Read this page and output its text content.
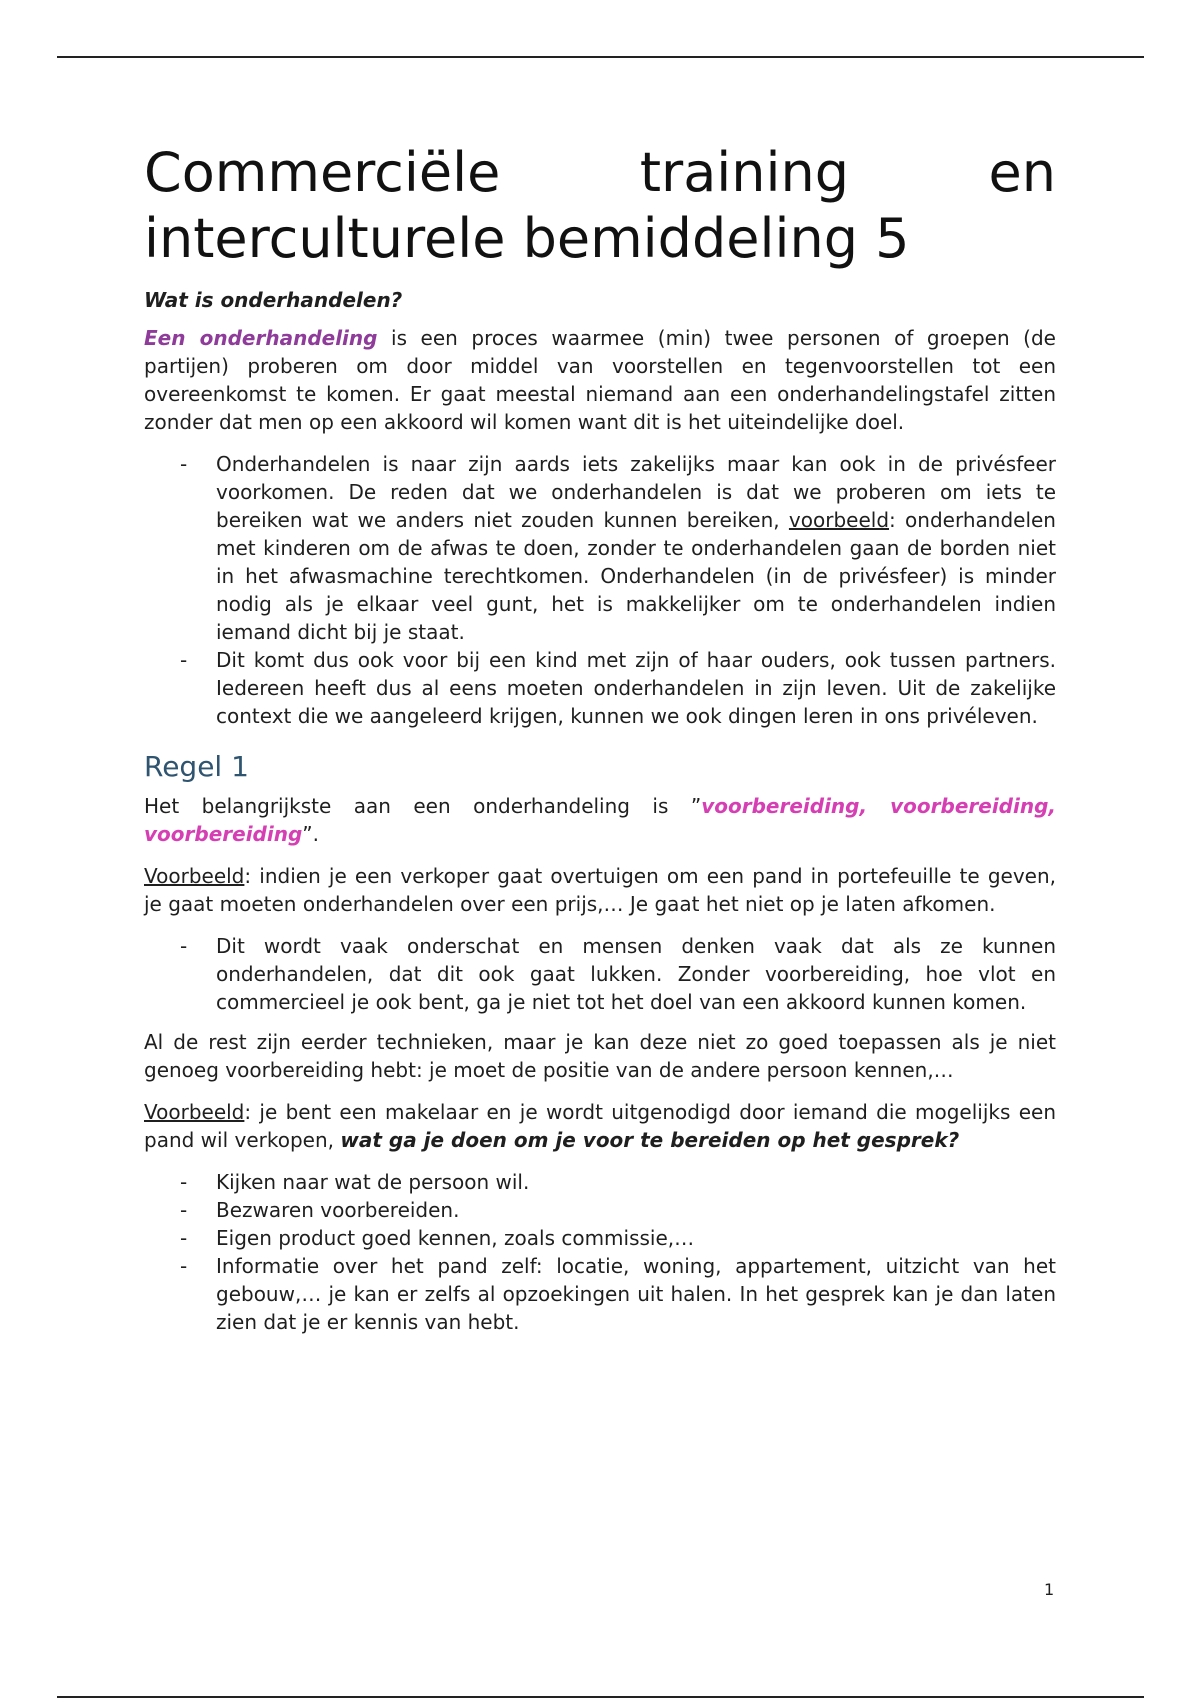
Commerciële	training	en
interculturele bemiddeling 5
Wat is onderhandelen?

Een onderhandeling is een proces waarmee (min) twee personen of groepen (de partijen) proberen om door middel van voorstellen en tegenvoorstellen tot een overeenkomst te komen. Er gaat meestal niemand aan een onderhandelingstafel zitten zonder dat men op een akkoord wil komen want dit is het uiteindelijke doel.

- Onderhandelen is naar zijn aards iets zakelijks maar kan ook in de privésfeer voorkomen. De reden dat we onderhandelen is dat we proberen om iets te bereiken wat we anders niet zouden kunnen bereiken, voorbeeld: onderhandelen met kinderen om de afwas te doen, zonder te onderhandelen gaan de borden niet in het afwasmachine terechtkomen. Onderhandelen (in de privésfeer) is minder nodig als je elkaar veel gunt, het is makkelijker om te onderhandelen indien iemand dicht bij je staat.
- Dit komt dus ook voor bij een kind met zijn of haar ouders, ook tussen partners. Iedereen heeft dus al eens moeten onderhandelen in zijn leven. Uit de zakelijke context die we aangeleerd krijgen, kunnen we ook dingen leren in ons privéleven.
Regel 1

Het belangrijkste aan een onderhandeling is ”voorbereiding, voorbereiding, voorbereiding”.

Voorbeeld: indien je een verkoper gaat overtuigen om een pand in portefeuille te geven, je gaat moeten onderhandelen over een prijs,… Je gaat het niet op je laten afkomen.

- Dit wordt vaak onderschat en mensen denken vaak dat als ze kunnen onderhandelen, dat dit ook gaat lukken. Zonder voorbereiding, hoe vlot en commercieel je ook bent, ga je niet tot het doel van een akkoord kunnen komen.

Al de rest zijn eerder technieken, maar je kan deze niet zo goed toepassen als je niet genoeg voorbereiding hebt: je moet de positie van de andere persoon kennen,…

Voorbeeld: je bent een makelaar en je wordt uitgenodigd door iemand die mogelijks een pand wil verkopen, wat ga je doen om je voor te bereiden op het gesprek?

- Kijken naar wat de persoon wil.
- Bezwaren voorbereiden.
- Eigen product goed kennen, zoals commissie,…
- Informatie over het pand zelf: locatie, woning, appartement, uitzicht van het gebouw,… je kan er zelfs al opzoekingen uit halen. In het gesprek kan je dan laten zien dat je er kennis van hebt.
1
